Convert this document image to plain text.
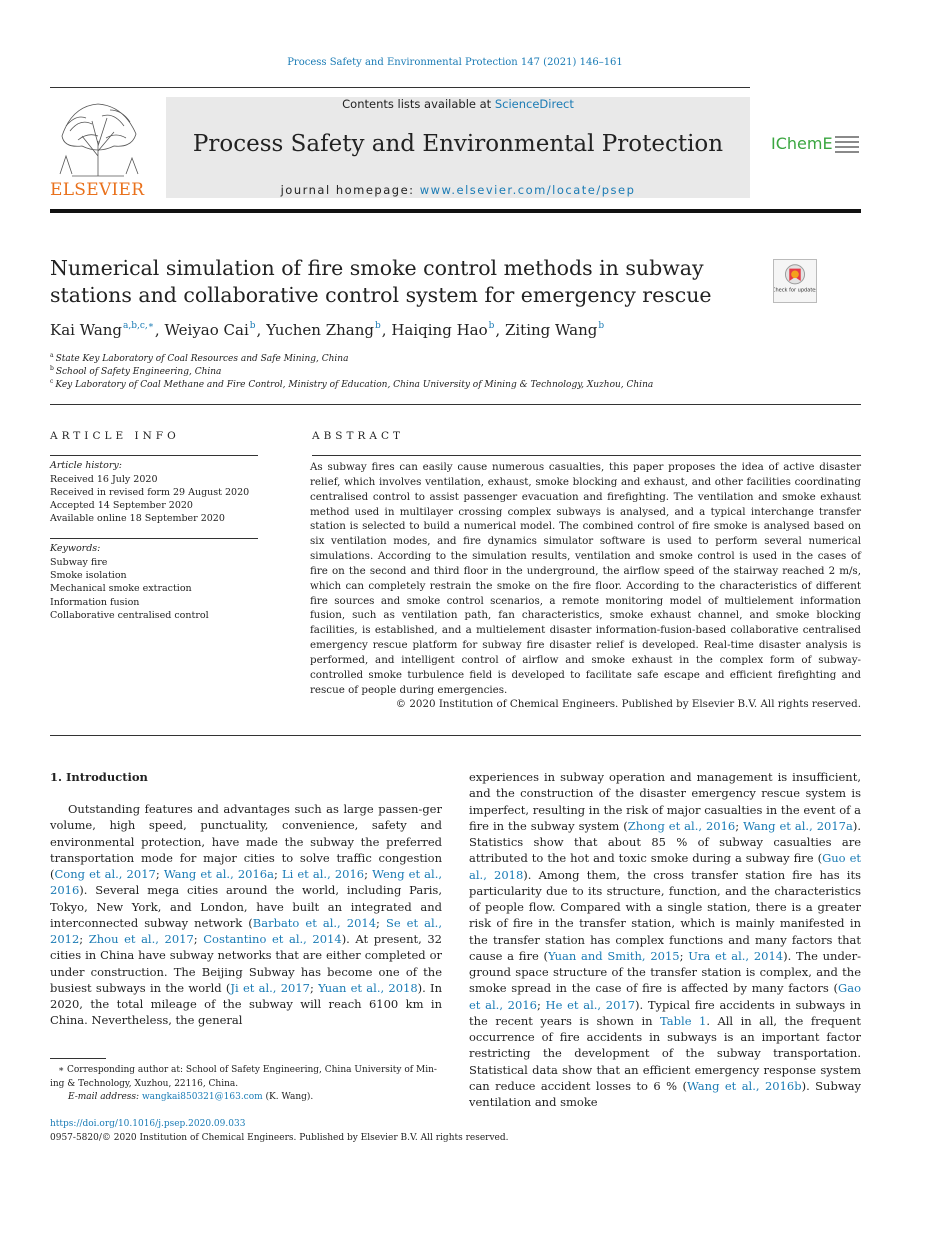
Process Safety and Environmental Protection 147 (2021) 146–161
ELSEVIER
Contents lists available at ScienceDirect
Process Safety and Environmental Protection
journal homepage: www.elsevier.com/locate/psep
IChemE
Numerical simulation of fire smoke control methods in subway stations and collaborative control system for emergency rescue	Check for updates
Kai Wang$^{a,b,c,∗}$, Weiyao Cai$^b$, Yuchen Zhang$^b$, Haiqing Hao$^b$, Ziting Wang$^b$
$^a$ State Key Laboratory of Coal Resources and Safe Mining, China
$^b$ School of Safety Engineering, China
$^c$ Key Laboratory of Coal Methane and Fire Control, Ministry of Education, China University of Mining & Technology, Xuzhou, China
ARTICLE INFO	ABSTRACT
Article history:
Received 16 July 2020
Received in revised form 29 August 2020
Accepted 14 September 2020
Available online 18 September 2020
Keywords:
Subway fire
Smoke isolation
Mechanical smoke extraction
Information fusion
Collaborative centralised control
As subway fires can easily cause numerous casualties, this paper proposes the idea of active disaster relief, which involves ventilation, exhaust, smoke blocking and exhaust, and other facilities coordinating centralised control to assist passenger evacuation and firefighting. The ventilation and smoke exhaust method used in multilayer crossing complex subways is analysed, and a typical interchange transfer station is selected to build a numerical model. The combined control of fire smoke is analysed based on six ventilation modes, and fire dynamics simulator software is used to perform several numerical simulations. According to the simulation results, ventilation and smoke control is used in the cases of fire on the second and third floor in the underground, the airflow speed of the stairway reached 2 m/s, which can completely restrain the smoke on the fire floor. According to the characteristics of different fire sources and smoke control scenarios, a remote monitoring model of multielement information fusion, such as ventilation path, fan characteristics, smoke exhaust channel, and smoke blocking facilities, is established, and a multielement disaster information-fusion-based collaborative centralised emergency rescue platform for subway fire disaster relief is developed. Real-time disaster analysis is performed, and intelligent control of airflow and smoke exhaust in the complex form of subway-controlled smoke turbulence field is developed to facilitate safe escape and efficient firefighting and rescue of people during emergencies.
© 2020 Institution of Chemical Engineers. Published by Elsevier B.V. All rights reserved.
1. Introduction
Outstanding features and advantages such as large passen-ger volume, high speed, punctuality, convenience, safety and environmental protection, have made the subway the preferred transportation mode for major cities to solve traffic congestion (Cong et al., 2017; Wang et al., 2016a; Li et al., 2016; Weng et al., 2016). Several mega cities around the world, including Paris, Tokyo, New York, and London, have built an integrated and interconnected subway network (Barbato et al., 2014; Se et al., 2012; Zhou et al., 2017; Costantino et al., 2014). At present, 32 cities in China have subway networks that are either completed or under construction. The Beijing Subway has become one of the busiest subways in the world (Ji et al., 2017; Yuan et al., 2018). In 2020, the total mileage of the subway will reach 6100 km in China. Nevertheless, the general
experiences in subway operation and management is insufficient, and the construction of the disaster emergency rescue system is imperfect, resulting in the risk of major casualties in the event of a fire in the subway system (Zhong et al., 2016; Wang et al., 2017a). Statistics show that about 85 % of subway casualties are attributed to the hot and toxic smoke during a subway fire (Guo et al., 2018). Among them, the cross transfer station fire has its particularity due to its structure, function, and the characteristics of people flow. Compared with a single station, there is a greater risk of fire in the transfer station, which is mainly manifested in the transfer station has complex functions and many factors that cause a fire (Yuan and Smith, 2015; Ura et al., 2014). The under-ground space structure of the transfer station is complex, and the smoke spread in the case of fire is affected by many factors (Gao et al., 2016; He et al., 2017). Typical fire accidents in subways in the recent years is shown in Table 1. All in all, the frequent occurrence of fire accidents in subways is an important factor restricting the development of the subway transportation. Statistical data show that an efficient emergency response system can reduce accident losses to 6 % (Wang et al., 2016b). Subway ventilation and smoke
∗ Corresponding author at: School of Safety Engineering, China University of Min-ing & Technology, Xuzhou, 22116, China.
E-mail address: wangkai850321@163.com (K. Wang).
https://doi.org/10.1016/j.psep.2020.09.033
0957-5820/© 2020 Institution of Chemical Engineers. Published by Elsevier B.V. All rights reserved.
